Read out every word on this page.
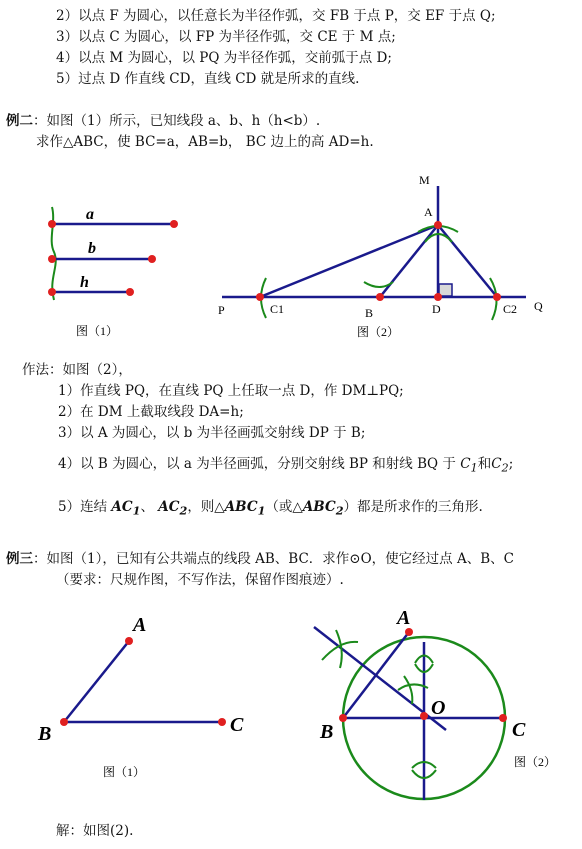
2）以点 F 为圆心，以任意长为半径作弧，交 FB 于点 P，交 EF 于点 Q;
3）以点 C 为圆心，以 FP 为半径作弧，交 CE 于 M 点;
4）以点 M 为圆心，以 PQ 为半径作弧，交前弧于点 D;
5）过点 D 作直线 CD，直线 CD 就是所求的直线.
例二：如图（1）所示，已知线段 a、b、h（h<b）.
求作△ABC，使 BC=a，AB=b， BC 边上的高 AD=h.
a
b
h
图（1）
M
A
P	C1	B	D	C2 Q
图（2）
作法：如图（2），
1）作直线 PQ，在直线 PQ 上任取一点 D，作 DM⊥PQ;
2）在 DM 上截取线段 DA=h;
3）以 A 为圆心，以 b 为半径画弧交射线 DP 于 B;
4）以 B 为圆心，以 a 为半径画弧，分别交射线 BP 和射线 BQ 于 $C_1$和$C_2$;
5）连结 $AC_1$、 $AC_2$，则$\triangle ABC_1$（或$\triangle ABC_2$）都是所求作的三角形.
例三：如图（1），已知有公共端点的线段 AB、BC．求作⊙O，使它经过点 A、B、C
（要求：尺规作图，不写作法，保留作图痕迹）.
A
B	C
图（1）
A
B	C
O
图（2）
解：如图(2).
